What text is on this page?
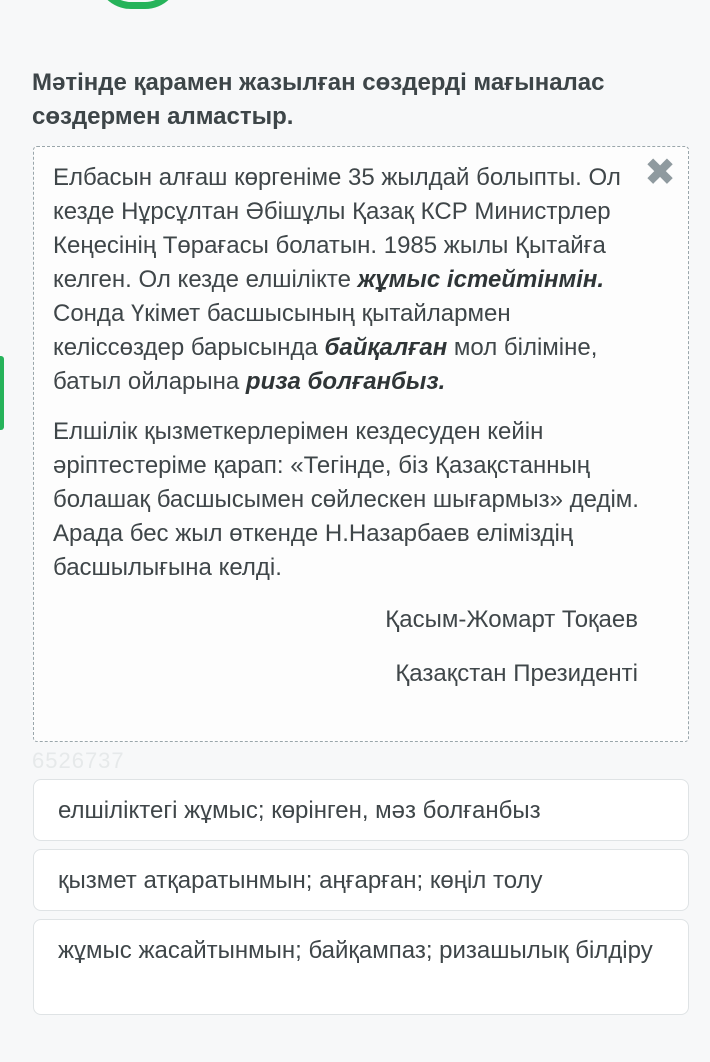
Мәтінде қарамен жазылған сөздерді мағыналас сөздермен алмастыр.
✖

Елбасын алғаш көргеніме 35 жылдай болыпты. Ол кезде Нұрсұлтан Әбішұлы Қазақ КСР Министрлер Кеңесінің Төрағасы болатын. 1985 жылы Қытайға келген. Ол кезде елшілікте жұмыс істейтінмін. Сонда Үкімет басшысының қытайлармен келіссөздер барысында байқалған мол біліміне, батыл ойларына риза болғанбыз.

Елшілік қызметкерлерімен кездесуден кейін әріптестеріме қарап: «Тегінде, біз Қазақстанның болашақ басшысымен сөйлескен шығармыз» дедім. Арада бес жыл өткенде Н.Назарбаев еліміздің басшылығына келді.

Қасым-Жомарт Тоқаев
Қазақстан Президенті
6526737
елшіліктегі жұмыс; көрінген, мәз болғанбыз
қызмет атқаратынмын; аңғарған; көңіл толу
жұмыс жасайтынмын; байқампаз; ризашылық білдіру
